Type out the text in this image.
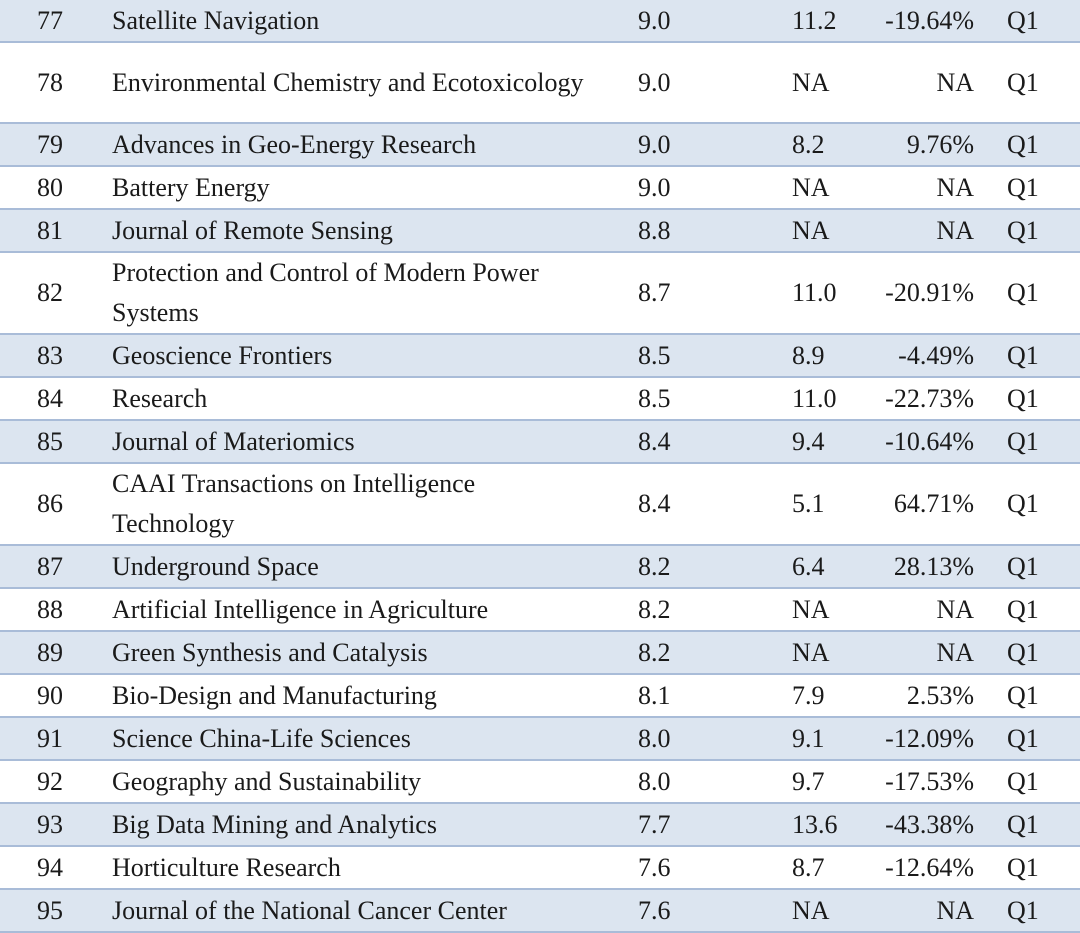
77	Satellite Navigation	9.0	11.2	-19.64%	Q1
78	Environmental Chemistry and Ecotoxicology	9.0	NA	NA	Q1
79	Advances in Geo-Energy Research	9.0	8.2	9.76%	Q1
80	Battery Energy	9.0	NA	NA	Q1
81	Journal of Remote Sensing	8.8	NA	NA	Q1
82	Protection and Control of Modern Power Systems	8.7	11.0	-20.91%	Q1
83	Geoscience Frontiers	8.5	8.9	-4.49%	Q1
84	Research	8.5	11.0	-22.73%	Q1
85	Journal of Materiomics	8.4	9.4	-10.64%	Q1
86	CAAI Transactions on Intelligence Technology	8.4	5.1	64.71%	Q1
87	Underground Space	8.2	6.4	28.13%	Q1
88	Artificial Intelligence in Agriculture	8.2	NA	NA	Q1
89	Green Synthesis and Catalysis	8.2	NA	NA	Q1
90	Bio-Design and Manufacturing	8.1	7.9	2.53%	Q1
91	Science China-Life Sciences	8.0	9.1	-12.09%	Q1
92	Geography and Sustainability	8.0	9.7	-17.53%	Q1
93	Big Data Mining and Analytics	7.7	13.6	-43.38%	Q1
94	Horticulture Research	7.6	8.7	-12.64%	Q1
95	Journal of the National Cancer Center	7.6	NA	NA	Q1
